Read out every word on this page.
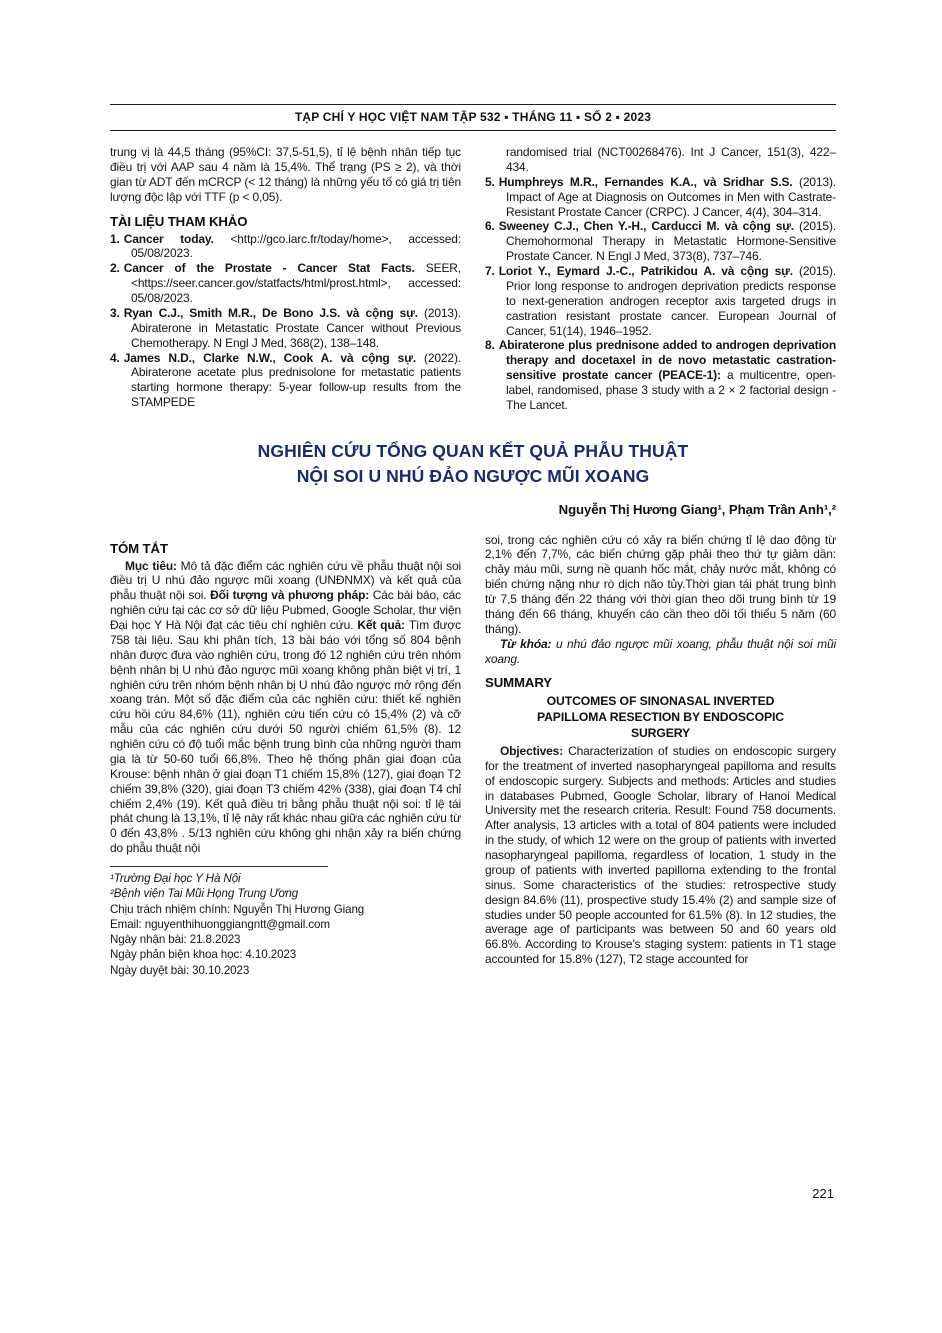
TẠP CHÍ Y HỌC VIỆT NAM TẬP 532 ▪ THÁNG 11 ▪ SỐ 2 ▪ 2023

trung vị là 44,5 tháng (95%CI: 37,5-51,5), tỉ lệ bệnh nhân tiếp tục điều trị với AAP sau 4 năm là 15,4%. Thể trạng (PS ≥ 2), và thời gian từ ADT đến mCRCP (< 12 tháng) là những yếu tố có giá trị tiên lượng độc lập với TTF (p < 0,05).

TÀI LIỆU THAM KHẢO
1. Cancer today. <http://gco.iarc.fr/today/home>, accessed: 05/08/2023.
2. Cancer of the Prostate - Cancer Stat Facts. SEER, <https://seer.cancer.gov/statfacts/html/prost.html>, accessed: 05/08/2023.
3. Ryan C.J., Smith M.R., De Bono J.S. và cộng sự. (2013). Abiraterone in Metastatic Prostate Cancer without Previous Chemotherapy. N Engl J Med, 368(2), 138–148.
4. James N.D., Clarke N.W., Cook A. và cộng sự. (2022). Abiraterone acetate plus prednisolone for metastatic patients starting hormone therapy: 5-year follow-up results from the STAMPEDE

randomised trial (NCT00268476). Int J Cancer, 151(3), 422–434.

5. Humphreys M.R., Fernandes K.A., và Sridhar S.S. (2013). Impact of Age at Diagnosis on Outcomes in Men with Castrate-Resistant Prostate Cancer (CRPC). J Cancer, 4(4), 304–314.
6. Sweeney C.J., Chen Y.-H., Carducci M. và cộng sự. (2015). Chemohormonal Therapy in Metastatic Hormone-Sensitive Prostate Cancer. N Engl J Med, 373(8), 737–746.
7. Loriot Y., Eymard J.-C., Patrikidou A. và cộng sự. (2015). Prior long response to androgen deprivation predicts response to next-generation androgen receptor axis targeted drugs in castration resistant prostate cancer. European Journal of Cancer, 51(14), 1946–1952.
8. Abiraterone plus prednisone added to androgen deprivation therapy and docetaxel in de novo metastatic castration-sensitive prostate cancer (PEACE-1): a multicentre, open-label, randomised, phase 3 study with a 2 × 2 factorial design - The Lancet.
NGHIÊN CỨU TỔNG QUAN KẾT QUẢ PHẪU THUẬT
NỘI SOI U NHÚ ĐẢO NGƯỢC MŨI XOANG
Nguyễn Thị Hương Giang¹, Phạm Trần Anh¹,²
TÓM TẮT

Mục tiêu: Mô tả đặc điểm các nghiên cứu về phẫu thuật nội soi điều trị U nhú đảo ngược mũi xoang (UNĐNMX) và kết quả của phẫu thuật nội soi. Đối tượng và phương pháp: Các bài báo, các nghiên cứu tại các cơ sở dữ liệu Pubmed, Google Scholar, thư viện Đại học Y Hà Nội đạt các tiêu chí nghiên cứu. Kết quả: Tìm được 758 tài liệu. Sau khi phân tích, 13 bài báo với tổng số 804 bệnh nhân được đưa vào nghiên cứu, trong đó 12 nghiên cứu trên nhóm bệnh nhân bị U nhú đảo ngược mũi xoang không phân biệt vị trí, 1 nghiên cứu trên nhóm bệnh nhân bị U nhú đảo ngược mở rộng đến xoang trán. Một số đặc điểm của các nghiên cứu: thiết kế nghiên cứu hồi cứu 84,6% (11), nghiên cứu tiến cứu có 15,4% (2) và cỡ mẫu của các nghiên cứu dưới 50 người chiếm 61,5% (8). 12 nghiên cứu có độ tuổi mắc bệnh trung bình của những người tham gia là từ 50-60 tuổi 66,8%. Theo hệ thống phân giai đoạn của Krouse: bệnh nhân ở giai đoạn T1 chiếm 15,8% (127), giai đoạn T2 chiếm 39,8% (320), giai đoạn T3 chiếm 42% (338), giai đoạn T4 chỉ chiếm 2,4% (19). Kết quả điều trị bằng phẫu thuật nội soi: tỉ lệ tái phát chung là 13,1%, tỉ lệ này rất khác nhau giữa các nghiên cứu từ 0 đến 43,8% . 5/13 nghiên cứu không ghi nhận xảy ra biến chứng do phẫu thuật nội

¹Trường Đại học Y Hà Nội

²Bệnh viện Tai Mũi Họng Trung Ương

Chịu trách nhiệm chính: Nguyễn Thị Hương Giang

Email: nguyenthihuonggiangntt@gmail.com

Ngày nhận bài: 21.8.2023

Ngày phản biện khoa học: 4.10.2023

Ngày duyệt bài: 30.10.2023

soi, trong các nghiên cứu có xảy ra biến chứng tỉ lệ dao động từ 2,1% đến 7,7%, các biến chứng gặp phải theo thứ tự giảm dần: chảy máu mũi, sưng nề quanh hốc mắt, chảy nước mắt, không có biến chứng nặng như rò dịch não tủy.Thời gian tái phát trung bình từ 7,5 tháng đến 22 tháng với thời gian theo dõi trung bình từ 19 tháng đến 66 tháng, khuyến cáo cần theo dõi tối thiểu 5 năm (60 tháng).

Từ khóa: u nhú đảo ngược mũi xoang, phẫu thuật nội soi mũi xoang.

SUMMARY
OUTCOMES OF SINONASAL INVERTED PAPILLOMA RESECTION BY ENDOSCOPIC SURGERY

Objectives: Characterization of studies on endoscopic surgery for the treatment of inverted nasopharyngeal papilloma and results of endoscopic surgery. Subjects and methods: Articles and studies in databases Pubmed, Google Scholar, library of Hanoi Medical University met the research criteria. Result: Found 758 documents. After analysis, 13 articles with a total of 804 patients were included in the study, of which 12 were on the group of patients with inverted nasopharyngeal papilloma, regardless of location, 1 study in the group of patients with inverted papilloma extending to the frontal sinus. Some characteristics of the studies: retrospective study design 84.6% (11), prospective study 15.4% (2) and sample size of studies under 50 people accounted for 61.5% (8). In 12 studies, the average age of participants was between 50 and 60 years old 66.8%. According to Krouse's staging system: patients in T1 stage accounted for 15.8% (127), T2 stage accounted for

221
